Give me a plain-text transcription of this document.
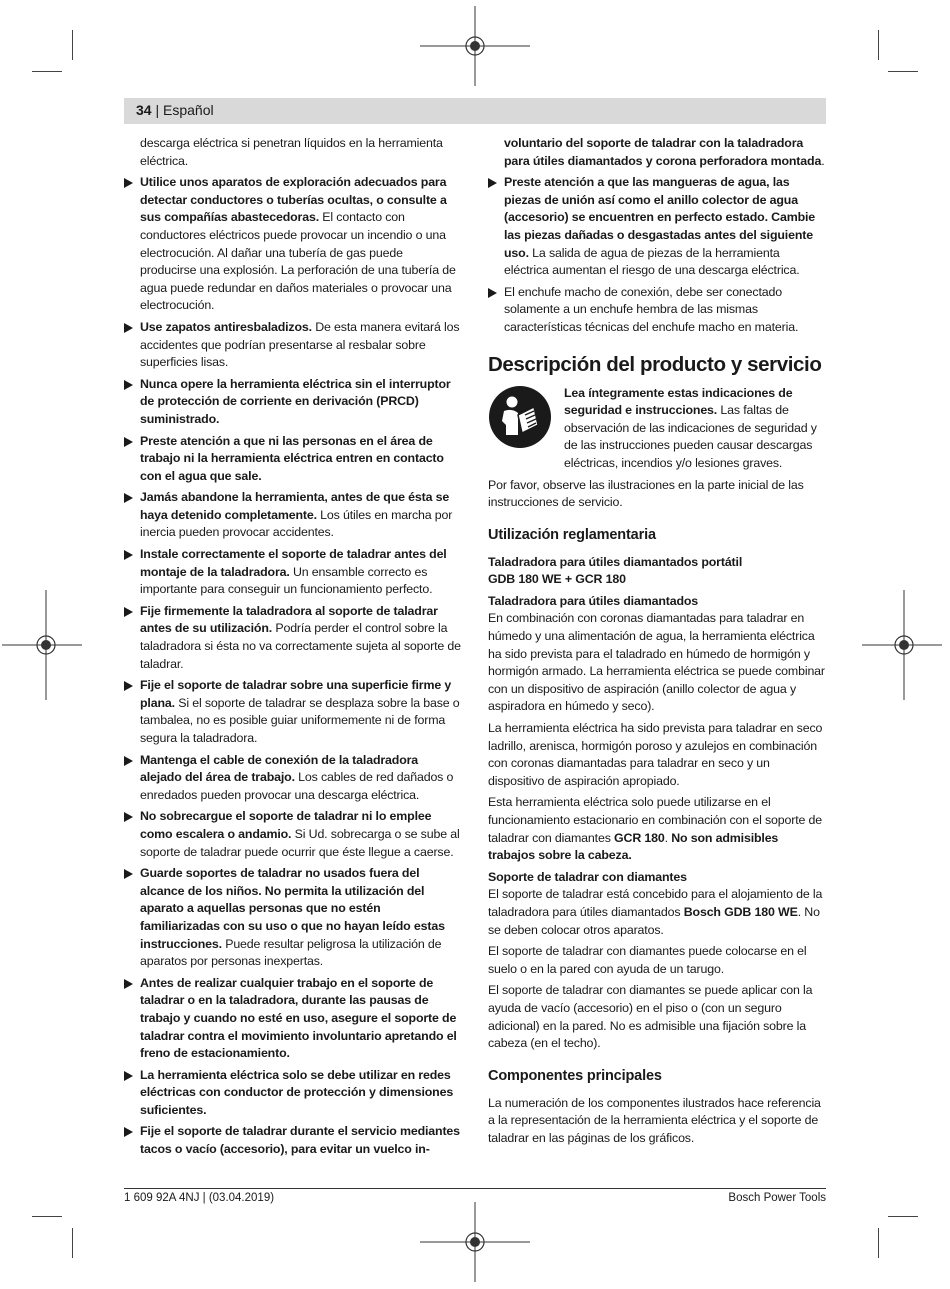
34 | Español
descarga eléctrica si penetran líquidos en la herramienta eléctrica.
Utilice unos aparatos de exploración adecuados para detectar conductores o tuberías ocultas, o consulte a sus compañías abastecedoras. El contacto con conductores eléctricos puede provocar un incendio o una electrocución. Al dañar una tubería de gas puede producirse una explosión. La perforación de una tubería de agua puede redundar en daños materiales o provocar una electrocución.
Use zapatos antiresbaladizos. De esta manera evitará los accidentes que podrían presentarse al resbalar sobre superficies lisas.
Nunca opere la herramienta eléctrica sin el interruptor de protección de corriente en derivación (PRCD) suministrado.
Preste atención a que ni las personas en el área de trabajo ni la herramienta eléctrica entren en contacto con el agua que sale.
Jamás abandone la herramienta, antes de que ésta se haya detenido completamente. Los útiles en marcha por inercia pueden provocar accidentes.
Instale correctamente el soporte de taladrar antes del montaje de la taladradora. Un ensamble correcto es importante para conseguir un funcionamiento perfecto.
Fije firmemente la taladradora al soporte de taladrar antes de su utilización. Podría perder el control sobre la taladradora si ésta no va correctamente sujeta al soporte de taladrar.
Fije el soporte de taladrar sobre una superficie firme y plana. Si el soporte de taladrar se desplaza sobre la base o tambalea, no es posible guiar uniformemente ni de forma segura la taladradora.
Mantenga el cable de conexión de la taladradora alejado del área de trabajo. Los cables de red dañados o enredados pueden provocar una descarga eléctrica.
No sobrecargue el soporte de taladrar ni lo emplee como escalera o andamio. Si Ud. sobrecarga o se sube al soporte de taladrar puede ocurrir que éste llegue a caerse.
Guarde soportes de taladrar no usados fuera del alcance de los niños. No permita la utilización del aparato a aquellas personas que no estén familiarizadas con su uso o que no hayan leído estas instrucciones. Puede resultar peligrosa la utilización de aparatos por personas inexpertas.
Antes de realizar cualquier trabajo en el soporte de taladrar o en la taladradora, durante las pausas de trabajo y cuando no esté en uso, asegure el soporte de taladrar contra el movimiento involuntario apretando el freno de estacionamiento.
La herramienta eléctrica solo se debe utilizar en redes eléctricas con conductor de protección y dimensiones suficientes.
Fije el soporte de taladrar durante el servicio mediantes tacos o vacío (accesorio), para evitar un vuelco in-
voluntario del soporte de taladrar con la taladradora para útiles diamantados y corona perforadora montada.
Preste atención a que las mangueras de agua, las piezas de unión así como el anillo colector de agua (accesorio) se encuentren en perfecto estado. Cambie las piezas dañadas o desgastadas antes del siguiente uso. La salida de agua de piezas de la herramienta eléctrica aumentan el riesgo de una descarga eléctrica.
El enchufe macho de conexión, debe ser conectado solamente a un enchufe hembra de las mismas características técnicas del enchufe macho en materia.
Descripción del producto y servicio
Lea íntegramente estas indicaciones de seguridad e instrucciones. Las faltas de observación de las indicaciones de seguridad y de las instrucciones pueden causar descargas eléctricas, incendios y/o lesiones graves.

Por favor, observe las ilustraciones en la parte inicial de las instrucciones de servicio.

Utilización reglamentaria
Taladradora para útiles diamantados portátil
GDB 180 WE + GCR 180
Taladradora para útiles diamantados

En combinación con coronas diamantadas para taladrar en húmedo y una alimentación de agua, la herramienta eléctrica ha sido prevista para el taladrado en húmedo de hormigón y hormigón armado. La herramienta eléctrica se puede combinar con un dispositivo de aspiración (anillo colector de agua y aspiradora en húmedo y seco).

La herramienta eléctrica ha sido prevista para taladrar en seco ladrillo, arenisca, hormigón poroso y azulejos en combinación con coronas diamantadas para taladrar en seco y un dispositivo de aspiración apropiado.

Esta herramienta eléctrica solo puede utilizarse en el funcionamiento estacionario en combinación con el soporte de taladrar con diamantes GCR 180. No son admisibles trabajos sobre la cabeza.

Soporte de taladrar con diamantes

El soporte de taladrar está concebido para el alojamiento de la taladradora para útiles diamantados Bosch GDB 180 WE. No se deben colocar otros aparatos.

El soporte de taladrar con diamantes puede colocarse en el suelo o en la pared con ayuda de un tarugo.

El soporte de taladrar con diamantes se puede aplicar con la ayuda de vacío (accesorio) en el piso o (con un seguro adicional) en la pared. No es admisible una fijación sobre la cabeza (en el techo).

Componentes principales

La numeración de los componentes ilustrados hace referencia a la representación de la herramienta eléctrica y el soporte de taladrar en las páginas de los gráficos.

1 609 92A 4NJ | (03.04.2019)	Bosch Power Tools
